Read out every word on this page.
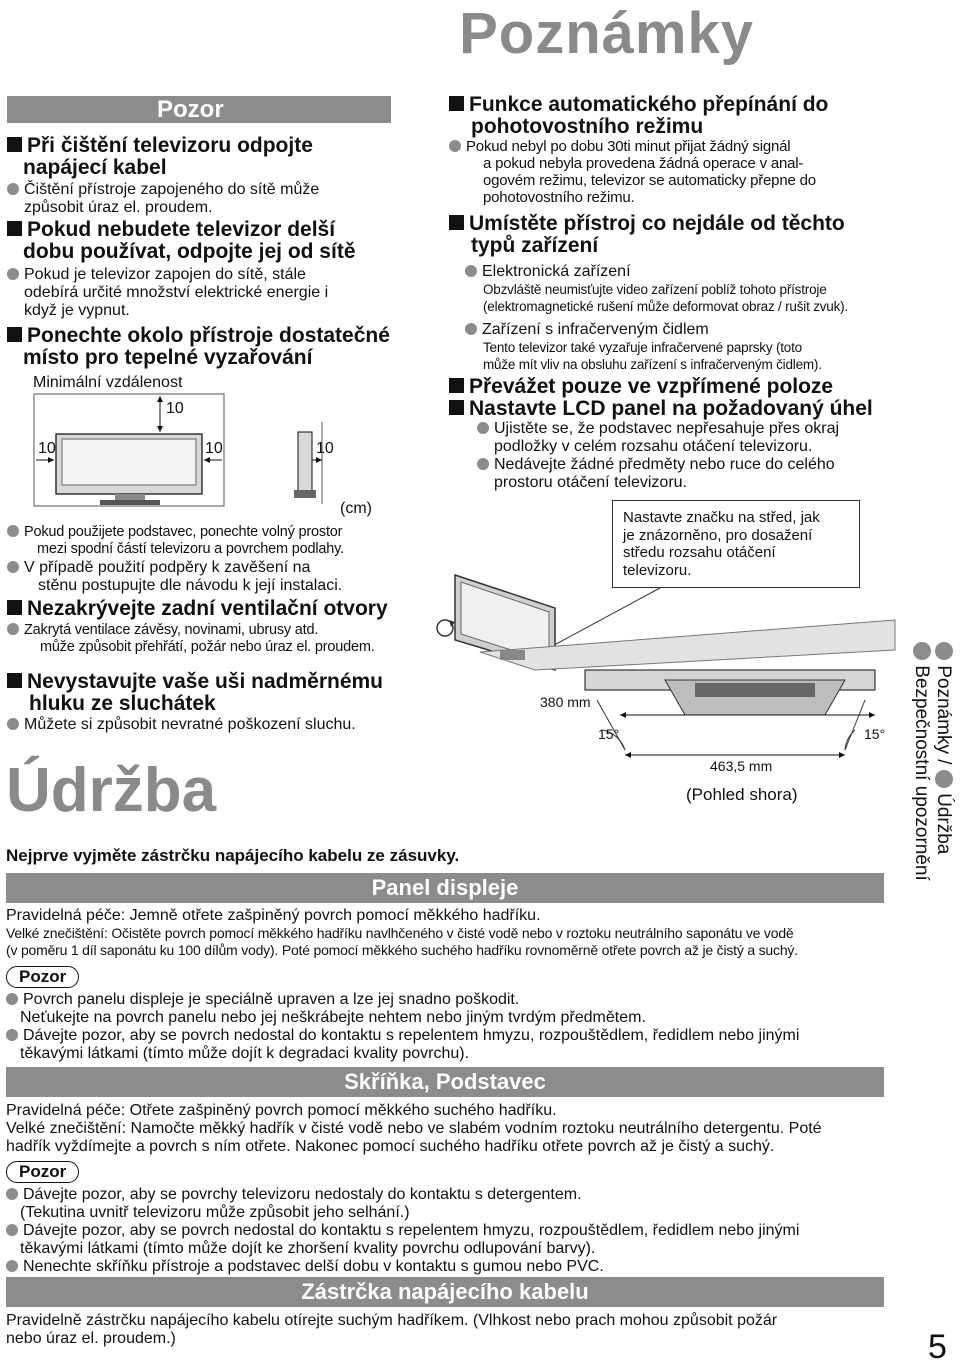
Poznámky
Pozor
Při čištění televizoru odpojte
napájecí kabel
Čištění přístroje zapojeného do sítě může
způsobit úraz el. proudem.
Pokud nebudete televizor delší
dobu používat, odpojte jej od sítě
Pokud je televizor zapojen do sítě, stále
odebírá určité množství elektrické energie i
když je vypnut.
Ponechte okolo přístroje dostatečné
místo pro tepelné vyzařování
Minimální vzdálenost
10
10	10	10
(cm)
Pokud použijete podstavec, ponechte volný prostor
mezi spodní částí televizoru a povrchem podlahy.
V případě použití podpěry k zavěšení na
stěnu postupujte dle návodu k její instalaci.
Nezakrývejte zadní ventilační otvory
Zakrytá ventilace závěsy, novinami, ubrusy atd.
může způsobit přehřátí, požár nebo úraz el. proudem.
Nevystavujte vaše uši nadměrnému
hluku ze sluchátek
Můžete si způsobit nevratné poškození sluchu.
Údržba
Nejprve vyjměte zástrčku napájecího kabelu ze zásuvky.
Funkce automatického přepínání do
pohotovostního režimu
Pokud nebyl po dobu 30ti minut přijat žádný signál
a pokud nebyla provedena žádná operace v anal-
ogovém režimu, televizor se automaticky přepne do
pohotovostního režimu.
Umístěte přístroj co nejdále od těchto
typů zařízení
Elektronická zařízení
Obzvláště neumisťujte video zařízení poblíž tohoto přístroje
(elektromagnetické rušení může deformovat obraz / rušit zvuk).
Zařízení s infračerveným čidlem
Tento televizor také vyzařuje infračervené paprsky (toto
může mít vliv na obsluhu zařízení s infračerveným čidlem).
Převážet pouze ve vzpřímené poloze
Nastavte LCD panel na požadovaný úhel
Ujistěte se, že podstavec nepřesahuje přes okraj
podložky v celém rozsahu otáčení televizoru.
Nedávejte žádné předměty nebo ruce do celého
prostoru otáčení televizoru.
Nastavte značku na střed, jak
je znázorněno, pro dosažení
středu rozsahu otáčení
televizoru.
380 mm
15°	15°
463,5 mm
(Pohled shora)
Poznámky /  Údržba
Bezpečnostní upozornění
Panel displeje
Pravidelná péče: Jemně otřete zašpiněný povrch pomocí měkkého hadříku.
Velké znečištění: Očistěte povrch pomocí měkkého hadříku navlhčeného v čisté vodě nebo v roztoku neutrálního saponátu ve vodě
(v poměru 1 díl saponátu ku 100 dílům vody). Poté pomocí měkkého suchého hadříku rovnoměrně otřete povrch až je čistý a suchý.
Pozor
Povrch panelu displeje je speciálně upraven a lze jej snadno poškodit.
Neťukejte na povrch panelu nebo jej neškrábejte nehtem nebo jiným tvrdým předmětem.
Dávejte pozor, aby se povrch nedostal do kontaktu s repelentem hmyzu, rozpouštědlem, ředidlem nebo jinými
těkavými látkami (tímto může dojít k degradaci kvality povrchu).
Skříňka, Podstavec
Pravidelná péče: Otřete zašpiněný povrch pomocí měkkého suchého hadříku.
Velké znečištění: Namočte měkký hadřík v čisté vodě nebo ve slabém vodním roztoku neutrálního detergentu. Poté
hadřík vyždímejte a povrch s ním otřete. Nakonec pomocí suchého hadříku otřete povrch až je čistý a suchý.
Pozor
Dávejte pozor, aby se povrchy televizoru nedostaly do kontaktu s detergentem.
(Tekutina uvnitř televizoru může způsobit jeho selhání.)
Dávejte pozor, aby se povrch nedostal do kontaktu s repelentem hmyzu, rozpouštědlem, ředidlem nebo jinými
těkavými látkami (tímto může dojít ke zhoršení kvality povrchu odlupování barvy).
Nenechte skříňku přístroje a podstavec delší dobu v kontaktu s gumou nebo PVC.
Zástrčka napájecího kabelu
Pravidelně zástrčku napájecího kabelu otírejte suchým hadříkem. (Vlhkost nebo prach mohou způsobit požár
nebo úraz el. proudem.)	5
